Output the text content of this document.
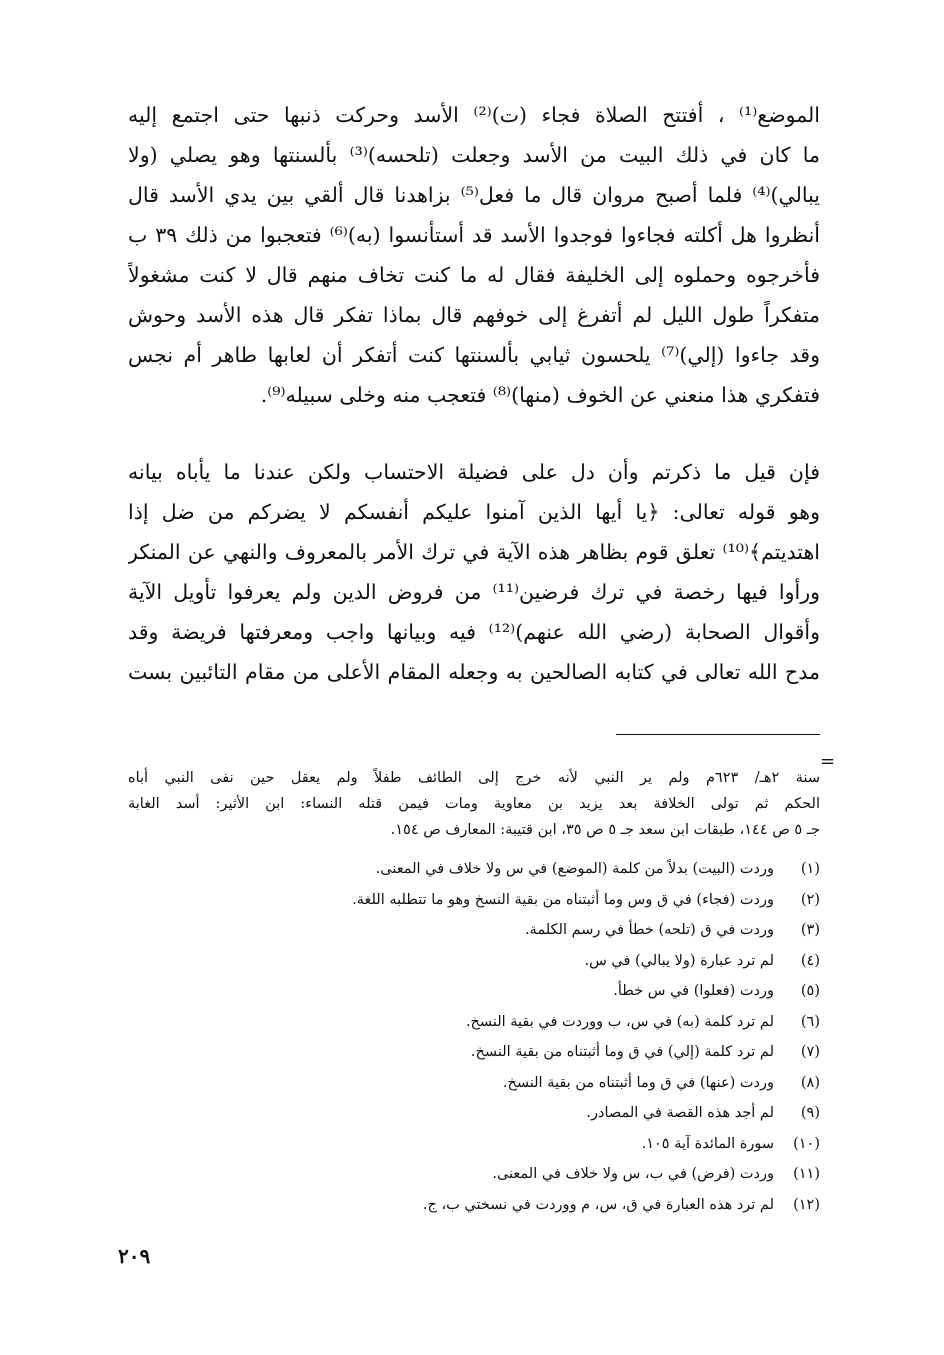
الموضع⁽¹⁾ ، أفتتح الصلاة فجاء (ت)⁽²⁾ الأسد وحركت ذنبها حتى اجتمع إليه
ما كان في ذلك البيت من الأسد وجعلت (تلحسه)⁽³⁾ بألسنتها وهو يصلي (ولا
يبالي)⁽⁴⁾ فلما أصبح مروان قال ما فعل⁽⁵⁾ بزاهدنا قال ألقي بين يدي الأسد قال
أنظروا هل أكلته فجاءوا فوجدوا الأسد قد أستأنسوا (به)⁽⁶⁾ فتعجبوا من ذلك ٣٩ ب
فأخرجوه وحملوه إلى الخليفة فقال له ما كنت تخاف منهم قال لا كنت مشغولاً
متفكراً طول الليل لم أتفرغ إلى خوفهم قال بماذا تفكر قال هذه الأسد وحوش
وقد جاءوا (إلي)⁽⁷⁾ يلحسون ثيابي بألسنتها كنت أتفكر أن لعابها طاهر أم نجس
فتفكري هذا منعني عن الخوف (منها)⁽⁸⁾ فتعجب منه وخلى سبيله⁽⁹⁾.

فإن قيل ما ذكرتم وأن دل على فضيلة الاحتساب ولكن عندنا ما يأباه بيانه
وهو قوله تعالى: ﴿يا أيها الذين آمنوا عليكم أنفسكم لا يضركم من ضل إذا
اهتديتم﴾⁽¹⁰⁾ تعلق قوم بظاهر هذه الآية في ترك الأمر بالمعروف والنهي عن المنكر
ورأوا فيها رخصة في ترك فرضين⁽¹¹⁾ من فروض الدين ولم يعرفوا تأويل الآية
وأقوال الصحابة (رضي الله عنهم)⁽¹²⁾ فيه وبيانها واجب ومعرفتها فريضة وقد
مدح الله تعالى في كتابه الصالحين به وجعله المقام الأعلى من مقام التائبين بست

=

سنة ٢هـ/ ٦٢٣م ولم ير النبي لأنه خرج إلى الطائف طفلاً ولم يعقل حين نفى النبي أباه
الحكم ثم تولى الخلافة بعد يزيد بن معاوية ومات فيمن قتله النساء: ابن الأثير: أسد الغابة
جـ ٥ ص ١٤٤، طبقات ابن سعد جـ ٥ ص ٣٥، ابن قتيبة: المعارف ص ١٥٤.

(١)
وردت (البيت) بدلاً من كلمة (الموضع) في س ولا خلاف في المعنى.
(٢)
وردت (فجاء) في ق وس وما أثبتناه من بقية النسخ وهو ما تتطلبه اللغة.
(٣)
وردت في ق (تلحه) خطأ في رسم الكلمة.
(٤)
لم ترد عبارة (ولا يبالي) في س.
(٥)
وردت (فعلوا) في س خطأ.
(٦)
لم ترد كلمة (به) في س، ب ووردت في بقية النسخ.
(٧)
لم ترد كلمة (إلي) في ق وما أثبتناه من بقية النسخ.
(٨)
وردت (عنها) في ق وما أثبتناه من بقية النسخ.
(٩)
لم أجد هذه القصة في المصادر.
(١٠)
سورة المائدة آية ١٠٥.
(١١)
وردت (فرض) في ب، س ولا خلاف في المعنى.
(١٢)
لم ترد هذه العبارة في ق، س، م ووردت في نسختي ب، ج.
٢٠٩
